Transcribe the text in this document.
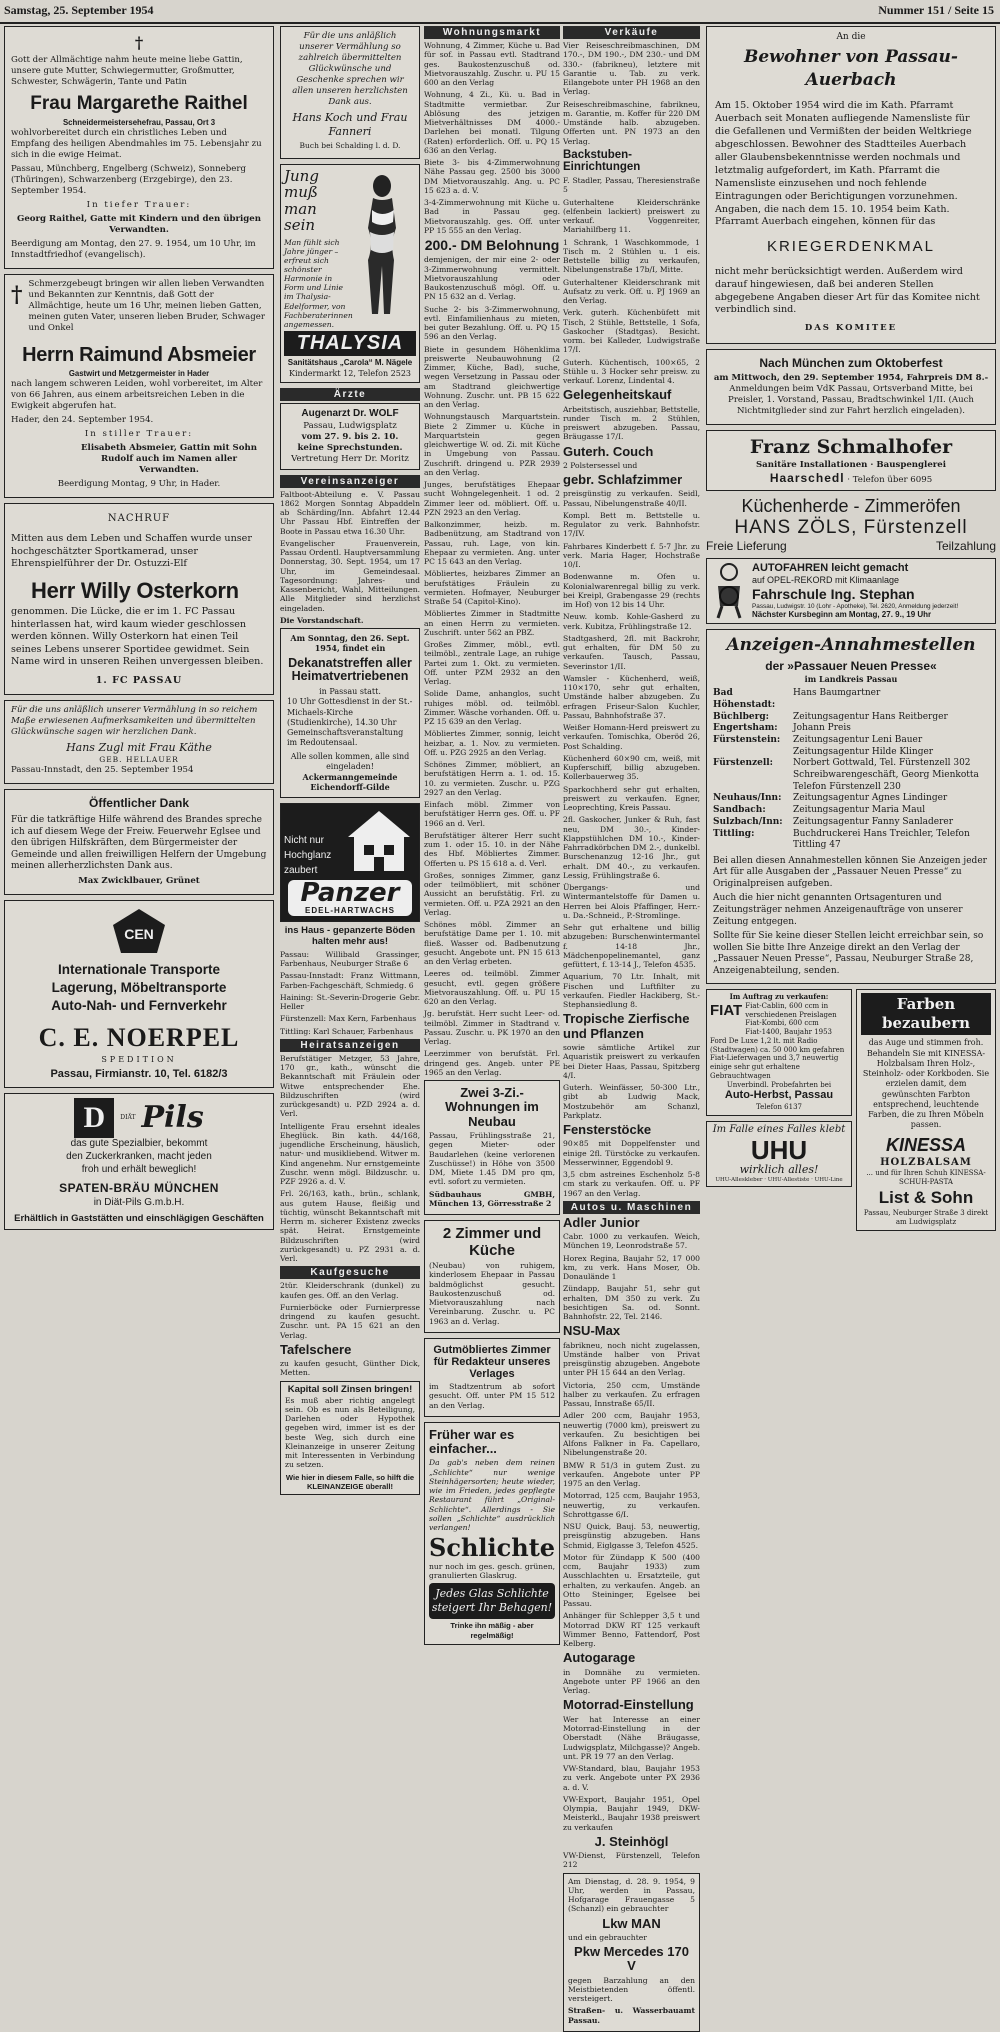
Samstag, 25. September 1954	Nummer 151 / Seite 15
†

Gott der Allmächtige nahm heute meine liebe Gattin, unsere gute Mutter, Schwiegermutter, Großmutter, Schwester, Schwägerin, Tante und Patin

Frau Margarethe Raithel
Schneidermeistersehefrau, Passau, Ort 3

wohlvorbereitet durch ein christliches Leben und Empfang des heiligen Abendmahles im 75. Lebensjahr zu sich in die ewige Heimat.

Passau, Münchberg, Engelberg (Schweiz), Sonneberg (Thüringen), Schwarzenberg (Erzgebirge), den 23. September 1954.

In tiefer Trauer:

Georg Raithel, Gatte mit Kindern und den übrigen Verwandten.

Beerdigung am Montag, den 27. 9. 1954, um 10 Uhr, im Innstadtfriedhof (evangelisch).

† Schmerzgebeugt bringen wir allen lieben Verwandten und Bekannten zur Kenntnis, daß Gott der Allmächtige, heute um 16 Uhr, meinen lieben Gatten, meinen guten Vater, unseren lieben Bruder, Schwager und Onkel

Herrn Raimund Absmeier
Gastwirt und Metzgermeister in Hader

nach langem schweren Leiden, wohl vorbereitet, im Alter von 66 Jahren, aus einem arbeitsreichen Leben in die Ewigkeit abgerufen hat.

Hader, den 24. September 1954.

In stiller Trauer:

Elisabeth Absmeier, Gattin mit Sohn Rudolf auch im Namen aller Verwandten.

Beerdigung Montag, 9 Uhr, in Hader.

NACHRUF

Mitten aus dem Leben und Schaffen wurde unser hochgeschätzter Sportkamerad, unser Ehrenspielführer der Dr. Ostuzzi-Elf

Herr Willy Osterkorn

genommen. Die Lücke, die er im 1. FC Passau hinterlassen hat, wird kaum wieder geschlossen werden können. Willy Osterkorn hat einen Teil seines Lebens unserer Sportidee gewidmet. Sein Name wird in unseren Reihen unvergessen bleiben.

1. FC PASSAU

Für die uns anläßlich unserer Vermählung in so reichem Maße erwiesenen Aufmerksamkeiten und übermittelten Glückwünsche sagen wir herzlichen Dank.

Hans Zugl mit Frau Käthe
GEB. HELLAUER

Passau-Innstadt, den 25. September 1954

Öffentlicher Dank

Für die tatkräftige Hilfe während des Brandes spreche ich auf diesem Wege der Freiw. Feuerwehr Eglsee und den übrigen Hilfskräften, dem Bürgermeister der Gemeinde und allen freiwilligen Helfern der Umgebung meinen allerherzlichsten Dank aus.

Max Zwicklbauer, Grünet

CEN
Internationale Transporte
Lagerung, Möbeltransporte
Auto-Nah- und Fernverkehr
C. E. NOERPEL
SPEDITION
Passau, Firmianstr. 10, Tel. 6182/3
D	DIÄT Pils
das gute Spezialbier, bekommt
den Zuckerkranken, macht jeden
froh und erhält beweglich!
SPATEN-BRÄU MÜNCHEN
in Diät-Pils G.m.b.H.
Erhältlich in Gaststätten und einschlägigen Geschäften

Für die uns anläßlich unserer Vermählung so zahlreich übermittelten Glückwünsche und Geschenke sprechen wir allen unseren herzlichsten Dank aus.

Hans Koch und Frau Fanneri

Buch bei Schalding l. d. D.

Jung muß man sein
Man fühlt sich Jahre jünger – erfreut sich schönster Harmonie in Form und Linie im Thalysia-Edelformer, von Fachberaterinnen angemessen.
THALYSIA
Sanitätshaus „Carola“ M. Nägele
Kindermarkt 12, Telefon 2523
Ärzte
Augenarzt Dr. WOLF
Passau, Ludwigsplatz
vom 27. 9. bis 2. 10.
keine Sprechstunden.
Vertretung Herr Dr. Moritz
Vereinsanzeiger

Faltboot-Abteilung e. V. Passau 1862 Morgen Sonntag Abpaddeln ab Schärding/Inn. Abfahrt 12.44 Uhr Passau Hbf. Eintreffen der Boote in Passau etwa 16.30 Uhr.

Evangelischer Frauenverein, Passau Ordentl. Hauptversammlung Donnerstag, 30. Sept. 1954, um 17 Uhr, im Gemeindesaal. Tagesordnung: Jahres- und Kassenbericht, Wahl, Mitteilungen. Alle Mitglieder sind herzlichst eingeladen.

Die Vorstandschaft.

Am Sonntag, den 26. Sept. 1954, findet ein
Dekanatstreffen aller Heimatvertriebenen
in Passau statt.

10 Uhr Gottesdienst in der St.-Michaels-Kirche (Studienkirche), 14.30 Uhr Gemeinschaftsveranstaltung im Redoutensaal.

Alle sollen kommen, alle sind eingeladen!
Ackermanngemeinde
Eichendorff-Gilde
Nicht nur
Hochglanz
zaubert
Panzer
EDEL-HARTWACHS
ins Haus - gepanzerte Böden halten mehr aus!

Passau: Willibald Grassinger, Farbenhaus, Neuburger Straße 6

Passau-Innstadt: Franz Wittmann, Farben-Fachgeschäft, Schmiedg. 6

Haining: St.-Severin-Drogerie Gebr. Heller

Fürstenzell: Max Kern, Farbenhaus

Tittling: Karl Schauer, Farbenhaus

Heiratsanzeigen

Berufstätiger Metzger, 53 Jahre, 170 gr., kath., wünscht die Bekanntschaft mit Fräulein oder Witwe entsprechender Ehe. Bildzuschriften (wird zurückgesandt) u. PZD 2924 a. d. Verl.

Intelligente Frau ersehnt ideales Eheglück. Bin kath. 44/168, jugendliche Erscheinung, häuslich, natur- und musikliebend. Witwer m. Kind angenehm. Nur ernstgemeinte Zuschr. wenn mögl. Bildzuschr. u. PZF 2926 a. d. V.

Frl. 26/163, kath., brün., schlank, aus gutem Hause, fleißig und tüchtig, wünscht Bekanntschaft mit Herrn m. sicherer Existenz zwecks spät. Heirat. Ernstgemeinte Bildzuschriften (wird zurückgesandt) u. PZ 2931 a. d. Verl.

Kaufgesuche

2tür. Kleiderschrank (dunkel) zu kaufen ges. Off. an den Verlag.

Furnierböcke oder Furnierpresse dringend zu kaufen gesucht. Zuschr. unt. PA 15 621 an den Verlag.

Tafelschere

zu kaufen gesucht, Günther Dick, Metten.

Kapital soll Zinsen bringen!

Es muß aber richtig angelegt sein. Ob es nun als Beteiligung, Darlehen oder Hypothek gegeben wird, immer ist es der beste Weg, sich durch eine Kleinanzeige in unserer Zeitung mit Interessenten in Verbindung zu setzen.

Wie hier in diesem Falle, so hilft die KLEINANZEIGE überall!
Wohnungsmarkt

Wohnung, 4 Zimmer, Küche u. Bad für sof. in Passau evtl. Stadtrand ges. Baukostenzuschuß od. Mietvorauszahlg. Zuschr. u. PU 15 600 an den Verlag

Wohnung, 4 Zi., Kü. u. Bad in Stadtmitte vermietbar. Zur Ablösung des jetzigen Mietverhältnisses DM 4000.- Darlehen bei monatl. Tilgung (Raten) erforderlich. Off. u. PQ 15 636 an den Verlag.

Biete 3- bis 4-Zimmerwohnung Nähe Passau geg. 2500 bis 3000 DM Mietvorauszahlg. Ang. u. PC 15 623 a. d. V.

3-4-Zimmerwohnung mit Küche u. Bad in Passau geg. Mietvorauszahlg. ges. Off. unter PP 15 555 an den Verlag.

200.- DM Belohnung

demjenigen, der mir eine 2- oder 3-Zimmerwohnung vermittelt. Mietvorauszahlung oder Baukostenzuschuß mögl. Off. u. PN 15 632 an d. Verlag.

Suche 2- bis 3-Zimmerwohnung, evtl. Einfamilienhaus zu mieten, bei guter Bezahlung. Off. u. PQ 15 596 an den Verlag.

Biete in gesundem Höhenklima preiswerte Neubauwohnung (2 Zimmer, Küche, Bad), suche, wegen Versetzung in Passau oder am Stadtrand gleichwertige Wohnung. Zuschr. unt. PB 15 622 an den Verlag.

Wohnungstausch Marquartstein. Biete 2 Zimmer u. Küche in Marquartstein gegen gleichwertige W. od. Zi. mit Küche in Umgebung von Passau. Zuschrift. dringend u. PZR 2939 an den Verlag.

Junges, berufstätiges Ehepaar sucht Wohngelegenheit. 1 od. 2 Zimmer leer od. möbliert. Off. u. PZN 2923 an den Verlag.

Balkonzimmer, heizb. m. Badbenützung, am Stadtrand von Passau, ruh. Lage, von kin. Ehepaar zu vermieten. Ang. unter PC 15 643 an den Verlag.

Möbliertes, heizbares Zimmer an berufstätiges Fräulein zu vermieten. Hofmayer, Neuburger Straße 54 (Capitol-Kino).

Möbliertes Zimmer in Stadtmitte an einen Herrn zu vermieten. Zuschrift. unter 562 an PBZ.

Großes Zimmer, möbl., evtl. teilmöbl., zentrale Lage, an ruhige Partei zum 1. Okt. zu vermieten. Off. unter PZM 2932 an den Verlag.

Solide Dame, anhanglos, sucht ruhiges möbl. od. teilmöbl. Zimmer. Wäsche vorhanden. Off. u. PZ 15 639 an den Verlag.

Möbliertes Zimmer, sonnig, leicht heizbar, a. 1. Nov. zu vermieten. Off. u. PZG 2925 an den Verlag.

Schönes Zimmer, möbliert, an berufstätigen Herrn a. 1. od. 15. 10. zu vermieten. Zuschr. u. PZG 2927 an den Verlag.

Einfach möbl. Zimmer von berufstätiger Herrn ges. Off. u. PF 1966 an d. Verl.

Berufstätiger älterer Herr sucht zum 1. oder 15. 10. in der Nähe des Hbf. Möbliertes Zimmer. Offerten u. PS 15 618 a. d. Verl.

Großes, sonniges Zimmer, ganz oder teilmöbliert, mit schöner Aussicht an berufstätig. Frl. zu vermieten. Off. u. PZA 2921 an den Verlag.

Schönes möbl. Zimmer an berufstätige Dame per 1. 10. mit fließ. Wasser od. Badbenutzung gesucht. Angebote unt. PN 15 613 an den Verlag erbeten.

Leeres od. teilmöbl. Zimmer gesucht, evtl. gegen größere Mietvorauszahlung. Off. u. PU 15 620 an den Verlag.

Jg. berufstät. Herr sucht Leer- od. teilmöbl. Zimmer in Stadtrand v. Passau. Zuschr. u. PK 1970 an den Verlag.

Leerzimmer von berufstät. Frl. dringend ges. Angeb. unter PE 1965 an den Verlag.

Zwei 3-Zi.-Wohnungen im Neubau

Passau, Frühlingsstraße 21, gegen Mieter- oder Baudarlehen (keine verlorenen Zuschüsse!) in Höhe von 3500 DM, Miete 1.45 DM pro qm, evtl. sofort zu vermieten.

Südbauhaus GMBH, München 13, Görresstraße 2

2 Zimmer und Küche

(Neubau) von ruhigem, kinderlosem Ehepaar in Passau baldmöglichst gesucht. Baukostenzuschuß od. Mietvorauszahlung nach Vereinbarung. Zuschr. u. PC 1963 an d. Verlag.

Gutmöbliertes Zimmer für Redakteur unseres Verlages

im Stadtzentrum ab sofort gesucht. Off. unter PM 15 512 an den Verlag.

Früher war es einfacher...

Da gab's neben dem reinen „Schlichte“ nur wenige Steinhägersorten; heute wieder, wie im Frieden, jedes gepflegte Restaurant führt „Original-Schlichte“. Allerdings - Sie sollen „Schlichte“ ausdrücklich verlangen!

Schlichte

nur noch im ges. gesch. grünen, granulierten Glaskrug.

Jedes Glas Schlichte steigert Ihr Behagen!
Trinke ihn mäßig - aber regelmäßig!
Verkäufe

Vier Reiseschreibmaschinen, DM 170.-, DM 190.-, DM 230.- und DM 330.- (fabrikneu), letztere mit Garantie u. Tab. zu verk. Eilangebote unter PH 1968 an den Verlag.

Reiseschreibmaschine, fabrikneu, m. Garantie, m. Koffer für 220 DM Umstände halb. abzugeben. Offerten unt. PN 1973 an den Verlag.

Backstuben-Einrichtungen

F. Stadler, Passau, Theresienstraße 5

Guterhaltene Kleiderschränke (elfenbein lackiert) preiswert zu verkauf. Voggenreiter, Mariahilfberg 11.

1 Schrank, 1 Waschkommode, 1 Tisch m. 2 Stühlen u. 1 eis. Bettstelle billig zu verkaufen, Nibelungenstraße 17b/I, Mitte.

Guterhaltener Kleiderschrank mit Aufsatz zu verk. Off. u. PJ 1969 an den Verlag.

Verk. guterh. Küchenbüfett mit Tisch, 2 Stühle, Bettstelle, 1 Sofa, Gaskocher (Stadtgas). Besicht. vorm. bei Kalleder, Ludwigstraße 17/I.

Guterh. Küchentisch, 100×65, 2 Stühle u. 3 Hocker sehr preisw. zu verkauf. Lorenz, Lindental 4.

Gelegenheitskauf

Arbeitstisch, ausziehbar, Bettstelle, runder Tisch m. 2 Stühlen, preiswert abzugeben. Passau, Bräugasse 17/I.

Guterh. Couch

2 Polstersessel und

gebr. Schlafzimmer

preisgünstig zu verkaufen. Seidl, Passau, Nibelungenstraße 40/II.

Kompl. Bett m. Bettstelle u. Regulator zu verk. Bahnhofstr. 17/IV.

Fahrbares Kinderbett f. 5-7 Jhr. zu verk. Maria Hager, Hochstraße 10/I.

Bodenwanne m. Ofen u. Kolonialwarenregal billig zu verk. bei Kreipl, Grabengasse 29 (rechts im Hof) von 12 bis 14 Uhr.

Neuw. komb. Kohle-Gasherd zu verk. Kubitza, Frühlingstraße 12.

Stadtgasherd, 2fl. mit Backrohr, gut erhalten, für DM 50 zu verkaufen. Tausch, Passau, Severinstor 1/II.

Wamsler - Küchenherd, weiß, 110×170, sehr gut erhalten, Umstände halber abzugeben. Zu erfragen Friseur-Salon Kuchler, Passau, Bahnhofstraße 37.

Weißer Homann-Herd preiswert zu verkaufen. Tomischka, Oberöd 26, Post Schalding.

Küchenherd 60×90 cm, weiß, mit Kupferschiff, billig abzugeben. Kollerbauerweg 35.

Sparkochherd sehr gut erhalten, preiswert zu verkaufen. Egner, Leoprechting, Kreis Passau.

2fl. Gaskocher, Junker & Ruh, fast neu, DM 30.-, Kinder-Klappstühlchen DM 10.-, Kinder-Fahrradkörbchen DM 2.-, dunkelbl. Burschenanzug 12-16 Jhr., gut erhalt. DM 40.-, zu verkaufen. Lessig, Frühlingstraße 6.

Übergangs- und Wintermantelstoffe für Damen u. Herren bei Alois Pfaffinger, Herr.- u. Da.-Schneid., P.-Stromlinge.

Sehr gut erhaltene und billig abzugeben: Burschenwintermantel f. 14-18 Jhr., Mädchenpopelinemantel, ganz gefüttert, f. 13-14 J., Telefon 4535.

Aquarium, 70 Ltr. Inhalt, mit Fischen und Luftfilter zu verkaufen. Fiedler Hackiberg, St.-Stephansiedlung 8.

Tropische Zierfische und Pflanzen

sowie sämtliche Artikel zur Aquaristik preiswert zu verkaufen bei Dieter Haas, Passau, Spitzberg 4/I.

Guterh. Weinfässer, 50-300 Ltr., gibt ab Ludwig Mack, Mostzubehör am Schanzl, Parkplatz.

Fensterstöcke

90×85 mit Doppelfenster und einige 2fl. Türstöcke zu verkaufen. Messerwinner, Eggendobl 9.

3,5 cbm astreines Eschenholz 5-8 cm stark zu verkaufen. Off. u. PF 1967 an den Verlag.

Autos u. Maschinen
Adler Junior

Cabr. 1000 zu verkaufen. Weich, München 19, Leonrodstraße 57.

Horex Regina, Baujahr 52, 17 000 km, zu verk. Hans Moser, Ob. Donaulände 1

Zündapp, Baujahr 51, sehr gut erhalten, DM 350 zu verk. Zu besichtigen Sa. od. Sonnt. Bahnhofstr. 22, Tel. 2146.

NSU-Max

fabrikneu, noch nicht zugelassen, Umstände halber von Privat preisgünstig abzugeben. Angebote unter PH 15 644 an den Verlag.

Victoria, 250 ccm, Umstände halber zu verkaufen. Zu erfragen Passau, Innstraße 65/II.

Adler 200 ccm, Baujahr 1953, neuwertig (7000 km), preiswert zu verkaufen. Zu besichtigen bei Alfons Falkner in Fa. Capellaro, Nibelungenstraße 20.

BMW R 51/3 in gutem Zust. zu verkaufen. Angebote unter PP 1975 an den Verlag.

Motorrad, 125 ccm, Baujahr 1953, neuwertig, zu verkaufen. Schrottgasse 6/I.

NSU Quick, Bauj. 53, neuwertig, preisgünstig abzugeben. Hans Schmid, Eiglgasse 3, Telefon 4525.

Motor für Zündapp K 500 (400 ccm, Baujahr 1933) zum Ausschlachten u. Ersatzteile, gut erhalten, zu verkaufen. Angeb. an Otto Steininger, Egelsee bei Passau.

Anhänger für Schlepper 3,5 t und Motorrad DKW RT 125 verkauft Wimmer Benno, Fattendorf, Post Kelberg.

Autogarage

in Domnähe zu vermieten. Angebote unter PF 1966 an den Verlag.

Motorrad-Einstellung

Wer hat Interesse an einer Motorrad-Einstellung in der Oberstadt (Nähe Bräugasse, Ludwigsplatz, Milchgasse)? Angeb. unt. PR 19 77 an den Verlag.

VW-Standard, blau, Baujahr 1953 zu verk. Angebote unter PX 2936 a. d. V.

VW-Export, Baujahr 1951, Opel Olympia, Baujahr 1949, DKW-Meisterkl., Baujahr 1938 preiswert zu verkaufen

J. Steinhögl

VW-Dienst, Fürstenzell, Telefon 212

Am Dienstag, d. 28. 9. 1954, 9 Uhr, werden in Passau, Hofgarage Frauengasse 5 (Schanzl) ein gebrauchter

Lkw MAN

und ein gebrauchter

Pkw Mercedes 170 V

gegen Barzahlung an den Meistbietenden öffentl. versteigert.

Straßen- u. Wasserbauamt Passau.

An die
Bewohner von Passau-Auerbach

Am 15. Oktober 1954 wird die im Kath. Pfarramt Auerbach seit Monaten aufliegende Namensliste für die Gefallenen und Vermißten der beiden Weltkriege abgeschlossen. Bewohner des Stadtteiles Auerbach aller Glaubensbekenntnisse werden nochmals und letztmalig aufgefordert, im Kath. Pfarramt die Namensliste einzusehen und noch fehlende Eintragungen oder Berichtigungen vorzunehmen. Angaben, die nach dem 15. 10. 1954 beim Kath. Pfarramt Auerbach eingehen, können für das

KRIEGERDENKMAL

nicht mehr berücksichtigt werden. Außerdem wird darauf hingewiesen, daß bei anderen Stellen abgegebene Angaben dieser Art für das Komitee nicht verbindlich sind.

DAS KOMITEE
Nach München zum Oktoberfest
am Mittwoch, den 29. September 1954, Fahrpreis DM 8.-

Anmeldungen beim VdK Passau, Ortsverband Mitte, bei Preisler, 1. Vorstand, Passau, Bradtschwinkel 1/II. (Auch Nichtmitglieder sind zur Fahrt herzlich eingeladen).

Franz Schmalhofer
Sanitäre Installationen · Bauspenglerei
Haarschedl · Telefon über 6095
Küchenherde - Zimmeröfen
HANS ZÖLS, Fürstenzell
Freie Lieferung	Teilzahlung
AUTOFAHREN leicht gemacht
auf OPEL-REKORD mit Klimaanlage
Fahrschule Ing. Stephan
Passau, Ludwigstr. 10 (Lohr - Apotheke), Tel. 2620, Anmeldung jederzeit!
Nächster Kursbeginn am Montag, 27. 9., 19 Uhr
Anzeigen-Annahmestellen
der »Passauer Neuen Presse«
im Landkreis Passau
Bad Höhenstadt:
Hans Baumgartner
Büchlberg:	Zeitungsagentur Hans Reitberger
Engertsham:	Johann Preis
Fürstenstein:	Zeitungsagentur Leni Bauer
Zeitungsagentur Hilde Klinger
Fürstenzell:	Norbert Gottwald, Tel. Fürstenzell 302 Schreibwarengeschäft, Georg Mienkotta Telefon Fürstenzell 230
Neuhaus/Inn:	Zeitungsagentur Agnes Lindinger
Sandbach:	Zeitungsagentur Maria Maul
Sulzbach/Inn:	Zeitungsagentur Fanny Sanladerer
Tittling:	Buchdruckerei Hans Treichler, Telefon Tittling 47

Bei allen diesen Annahmestellen können Sie Anzeigen jeder Art für alle Ausgaben der „Passauer Neuen Presse“ zu Originalpreisen aufgeben.

Auch die hier nicht genannten Ortsagenturen und Zeitungsträger nehmen Anzeigenaufträge von unserer Zeitung entgegen.

Sollte für Sie keine dieser Stellen leicht erreichbar sein, so wollen Sie bitte Ihre Anzeige direkt an den Verlag der „Passauer Neuen Presse“, Passau, Neuburger Straße 28, Anzeigenabteilung, senden.

Im Auftrag zu verkaufen:
FIAT Fiat-Cablin, 600 ccm in verschiedenen Preislagen
Fiat-Kombi, 600 ccm
Fiat-1400, Baujahr 1953
Ford De Luxe 1,2 lt. mit Radio (Stadtwagen) ca. 50 000 km gefahren
Fiat-Lieferwagen und 3,7 neuwertig einige sehr gut erhaltene Gebrauchtwagen
Unverbindl. Probefahrten bei
Auto-Herbst, Passau
Telefon 6137
Im Falle eines Falles klebt
UHU
wirklich alles!
UHU-Alleskleber · UHU-Allestiste · UHU-Line
Farben bezaubern

das Auge und stimmen froh. Behandeln Sie mit KINESSA-Holzbalsam Ihren Holz-, Steinholz- oder Korkboden. Sie erzielen damit, dem gewünschten Farbton entsprechend, leuchtende Farben, die zu Ihren Möbeln passen.

KINESSA
HOLZBALSAM
... und für Ihren Schuh KINESSA-SCHUH-PASTA
List & Sohn
Passau, Neuburger Straße 3 direkt am Ludwigsplatz
